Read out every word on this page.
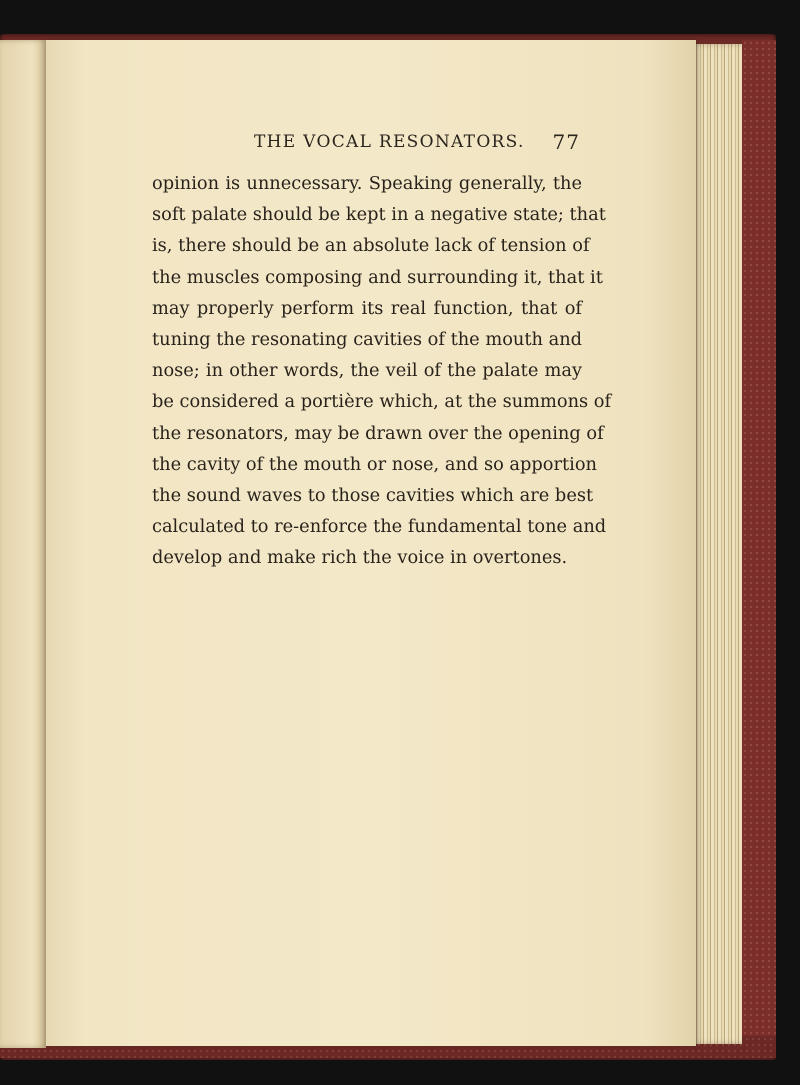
THE VOCAL RESONATORS. 77
opinion is unnecessary. Speaking generally, the
soft palate should be kept in a negative state; that
is, there should be an absolute lack of tension of
the muscles composing and surrounding it, that it
may properly perform its real function, that of
tuning the resonating cavities of the mouth and
nose; in other words, the veil of the palate may
be considered a portière which, at the summons of
the resonators, may be drawn over the opening of
the cavity of the mouth or nose, and so apportion
the sound waves to those cavities which are best
calculated to re-enforce the fundamental tone and
develop and make rich the voice in overtones.
